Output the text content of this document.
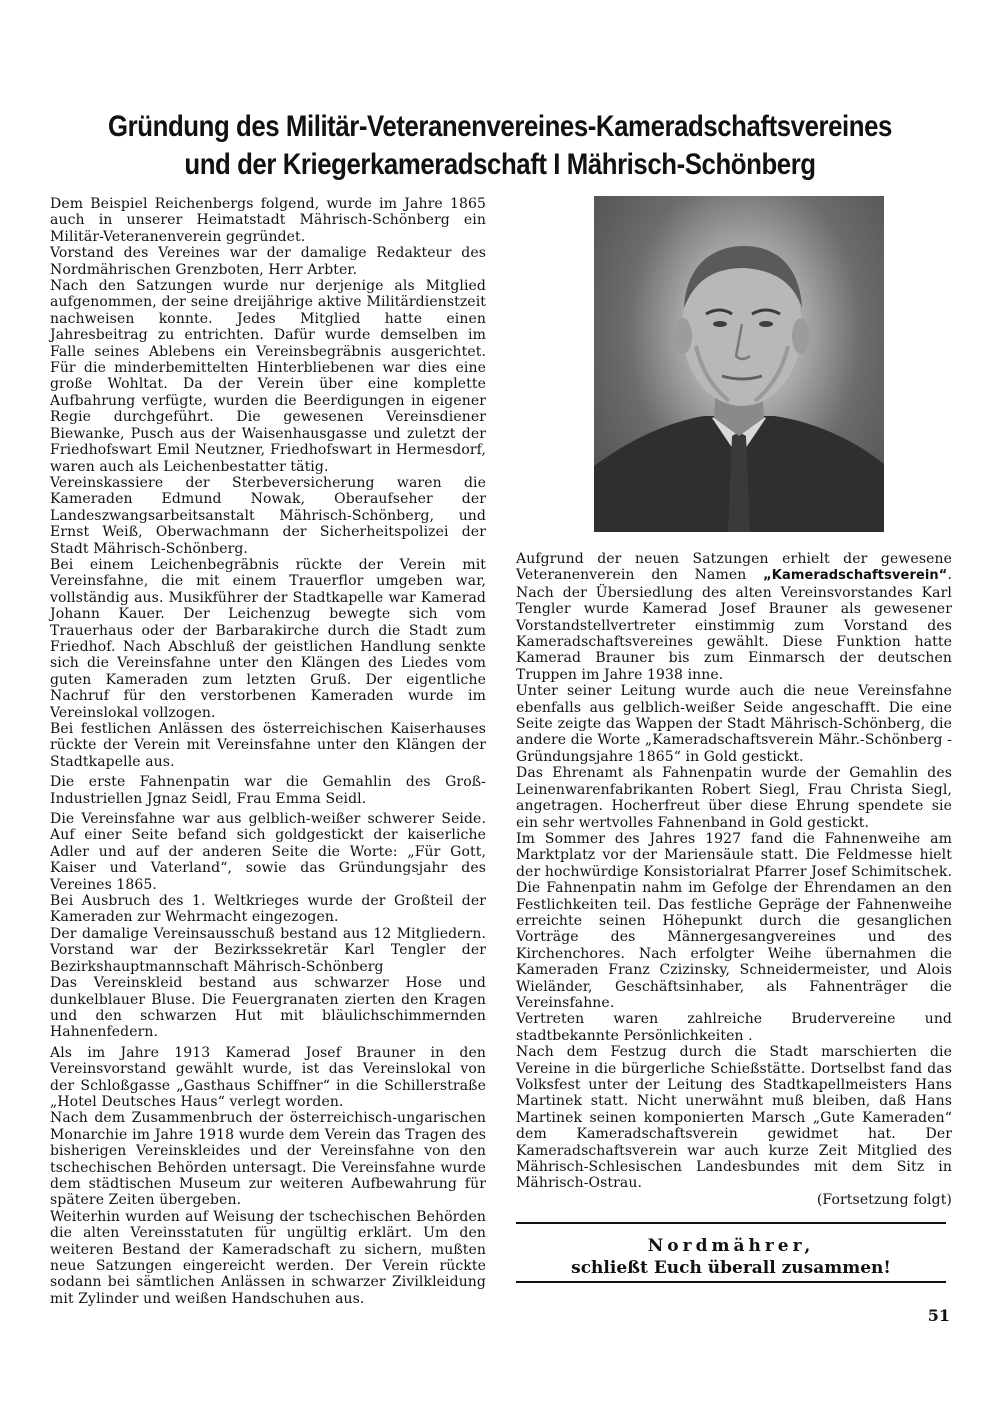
Gründung des Militär-Veteranenvereines-Kameradschaftsvereines
und der Kriegerkameradschaft I Mährisch-Schönberg

Dem Beispiel Reichenbergs folgend, wurde im Jahre 1865 auch in unserer Heimatstadt Mährisch-Schönberg ein Militär-Veteranenverein gegründet.

Vorstand des Vereines war der damalige Redakteur des Nordmährischen Grenzboten, Herr Arbter.

Nach den Satzungen wurde nur derjenige als Mitglied aufgenommen, der seine dreijährige aktive Militärdienstzeit nachweisen konnte. Jedes Mitglied hatte einen Jahresbeitrag zu entrichten. Dafür wurde demselben im Falle seines Ablebens ein Vereinsbegräbnis ausgerichtet. Für die minderbemittelten Hinterbliebenen war dies eine große Wohltat. Da der Verein über eine komplette Aufbahrung verfügte, wurden die Beerdigungen in eigener Regie durchgeführt. Die gewesenen Vereinsdiener Biewanke, Pusch aus der Waisenhausgasse und zuletzt der Friedhofswart Emil Neutzner, Friedhofswart in Hermesdorf, waren auch als Leichenbestatter tätig.

Vereinskassiere der Sterbeversicherung waren die Kameraden Edmund Nowak, Oberaufseher der Landeszwangsarbeitsanstalt Mährisch-Schönberg, und Ernst Weiß, Oberwachmann der Sicherheitspolizei der Stadt Mährisch-Schönberg.

Bei einem Leichenbegräbnis rückte der Verein mit Vereinsfahne, die mit einem Trauerflor umgeben war, vollständig aus. Musikführer der Stadtkapelle war Kamerad Johann Kauer. Der Leichenzug bewegte sich vom Trauerhaus oder der Barbarakirche durch die Stadt zum Friedhof. Nach Abschluß der geistlichen Handlung senkte sich die Vereinsfahne unter den Klängen des Liedes vom guten Kameraden zum letzten Gruß. Der eigentliche Nachruf für den verstorbenen Kameraden wurde im Vereinslokal vollzogen.

Bei festlichen Anlässen des österreichischen Kaiserhauses rückte der Verein mit Vereinsfahne unter den Klängen der Stadtkapelle aus.

Die erste Fahnenpatin war die Gemahlin des Groß-Industriellen Jgnaz Seidl, Frau Emma Seidl.

Die Vereinsfahne war aus gelblich-weißer schwerer Seide. Auf einer Seite befand sich goldgestickt der kaiserliche Adler und auf der anderen Seite die Worte: „Für Gott, Kaiser und Vaterland“, sowie das Gründungsjahr des Vereines 1865.

Bei Ausbruch des 1. Weltkrieges wurde der Großteil der Kameraden zur Wehrmacht eingezogen.

Der damalige Vereinsausschuß bestand aus 12 Mitgliedern. Vorstand war der Bezirkssekretär Karl Tengler der Bezirkshauptmannschaft Mährisch-Schönberg

Das Vereinskleid bestand aus schwarzer Hose und dunkelblauer Bluse. Die Feuergranaten zierten den Kragen und den schwarzen Hut mit bläulichschimmernden Hahnenfedern.

Als im Jahre 1913 Kamerad Josef Brauner in den Vereinsvorstand gewählt wurde, ist das Vereinslokal von der Schloßgasse „Gasthaus Schiffner“ in die Schillerstraße „Hotel Deutsches Haus“ verlegt worden.

Nach dem Zusammenbruch der österreichisch-ungarischen Monarchie im Jahre 1918 wurde dem Verein das Tragen des bisherigen Vereinskleides und der Vereinsfahne von den tschechischen Behörden untersagt. Die Vereinsfahne wurde dem städtischen Museum zur weiteren Aufbewahrung für spätere Zeiten übergeben.

Weiterhin wurden auf Weisung der tschechischen Behörden die alten Vereinsstatuten für ungültig erklärt. Um den weiteren Bestand der Kameradschaft zu sichern, mußten neue Satzungen eingereicht werden. Der Verein rückte sodann bei sämtlichen Anlässen in schwarzer Zivilkleidung mit Zylinder und weißen Handschuhen aus.

Aufgrund der neuen Satzungen erhielt der gewesene Veteranenverein den Namen „Kameradschaftsverein“. Nach der Übersiedlung des alten Vereinsvorstandes Karl Tengler wurde Kamerad Josef Brauner als gewesener Vorstandstellvertreter einstimmig zum Vorstand des Kameradschaftsvereines gewählt. Diese Funktion hatte Kamerad Brauner bis zum Einmarsch der deutschen Truppen im Jahre 1938 inne.

Unter seiner Leitung wurde auch die neue Vereinsfahne ebenfalls aus gelblich-weißer Seide angeschafft. Die eine Seite zeigte das Wappen der Stadt Mährisch-Schönberg, die andere die Worte „Kameradschaftsverein Mähr.-Schönberg - Gründungsjahre 1865“ in Gold gestickt.

Das Ehrenamt als Fahnenpatin wurde der Gemahlin des Leinenwarenfabrikanten Robert Siegl, Frau Christa Siegl, angetragen. Hocherfreut über diese Ehrung spendete sie ein sehr wertvolles Fahnenband in Gold gestickt.

Im Sommer des Jahres 1927 fand die Fahnenweihe am Marktplatz vor der Mariensäule statt. Die Feldmesse hielt der hochwürdige Konsistorialrat Pfarrer Josef Schimitschek. Die Fahnenpatin nahm im Gefolge der Ehrendamen an den Festlichkeiten teil. Das festliche Gepräge der Fahnenweihe erreichte seinen Höhepunkt durch die gesanglichen Vorträge des Männergesangvereines und des Kirchenchores. Nach erfolgter Weihe übernahmen die Kameraden Franz Czizinsky, Schneidermeister, und Alois Wieländer, Geschäftsinhaber, als Fahnenträger die Vereinsfahne.

Vertreten waren zahlreiche Brudervereine und stadtbekannte Persönlichkeiten .

Nach dem Festzug durch die Stadt marschierten die Vereine in die bürgerliche Schießstätte. Dortselbst fand das Volksfest unter der Leitung des Stadtkapellmeisters Hans Martinek statt. Nicht unerwähnt muß bleiben, daß Hans Martinek seinen komponierten Marsch „Gute Kameraden“ dem Kameradschaftsverein gewidmet hat. Der Kameradschaftsverein war auch kurze Zeit Mitglied des Mährisch-Schlesischen Landesbundes mit dem Sitz in Mährisch-Ostrau.

(Fortsetzung folgt)

Nordmährer,
schließt Euch überall zusammen!
51
